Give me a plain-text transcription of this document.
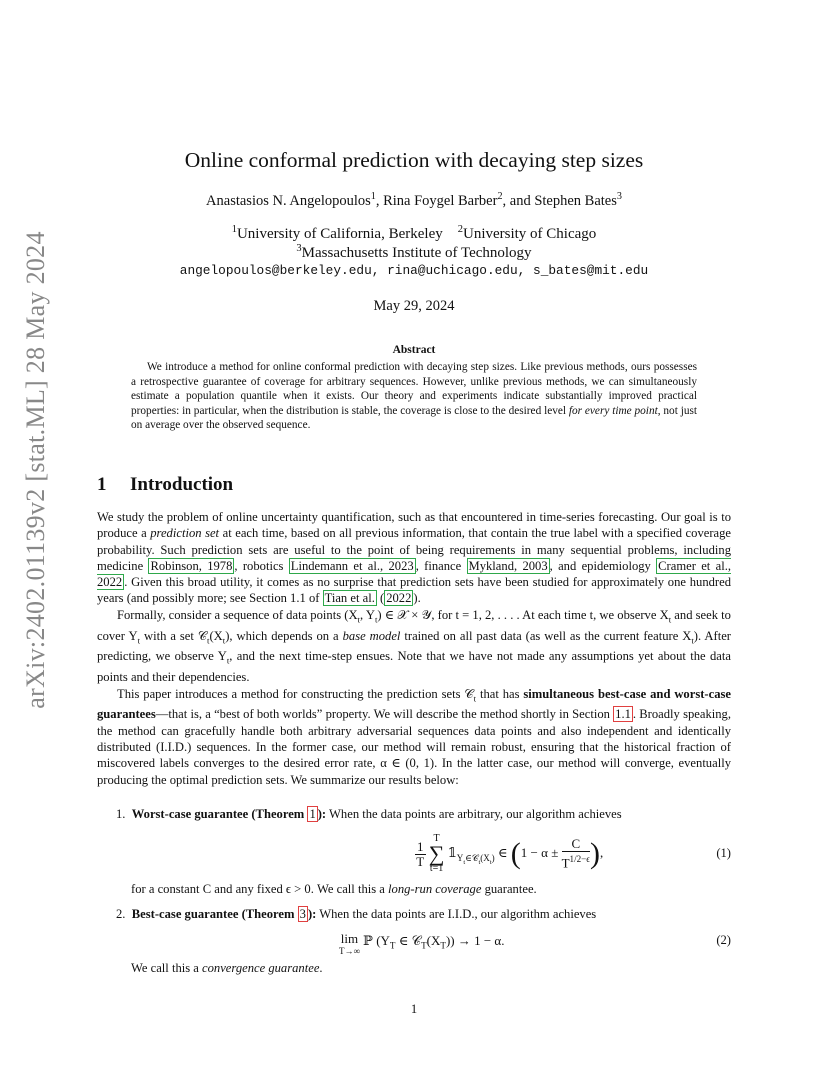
arXiv:2402.01139v2 [stat.ML] 28 May 2024
Online conformal prediction with decaying step sizes
Anastasios N. Angelopoulos$^1$, Rina Foygel Barber$^2$, and Stephen Bates$^3$
$^1$University of California, Berkeley $^2$University of Chicago
$^3$Massachusetts Institute of Technology
angelopoulos@berkeley.edu, rina@uchicago.edu, s_bates@mit.edu
May 29, 2024
Abstract
We introduce a method for online conformal prediction with decaying step sizes. Like previous methods, ours possesses a retrospective guarantee of coverage for arbitrary sequences. However, unlike previous methods, we can simultaneously estimate a population quantile when it exists. Our theory and experiments indicate substantially improved practical properties: in particular, when the distribution is stable, the coverage is close to the desired level for every time point, not just on average over the observed sequence.
1 Introduction

We study the problem of online uncertainty quantification, such as that encountered in time-series forecasting. Our goal is to produce a prediction set at each time, based on all previous information, that contain the true label with a specified coverage probability. Such prediction sets are useful to the point of being requirements in many sequential problems, including medicine Robinson, 1978 , robotics Lindemann et al., 2023 , finance Mykland, 2003 , and epidemiology Cramer et al., 2022 . Given this broad utility, it comes as no surprise that prediction sets have been studied for approximately one hundred years (and possibly more; see Section 1.1 of Tian et al. ( 2022 ).

Formally, consider a sequence of data points ($X_t$, $Y_t$) ∈ 𝒳 × 𝒴, for t = 1, 2, . . . . At each time t, we observe $X_t$ and seek to cover $Y_t$ with a set $𝒞_t(X_t)$, which depends on a base model trained on all past data (as well as the current feature $X_t$). After predicting, we observe $Y_t$, and the next time-step ensues. Note that we have not made any assumptions yet about the data points and their dependencies.

This paper introduces a method for constructing the prediction sets 𝒞$_t$ that has simultaneous best-case and worst-case guarantees—that is, a “best of both worlds” property. We will describe the method shortly in Section 1.1 . Broadly speaking, the method can gracefully handle both arbitrary adversarial sequences data points and also independent and identically distributed (I.I.D.) sequences. In the former case, our method will remain robust, ensuring that the historical fraction of miscovered labels converges to the desired error rate, α ∈ (0, 1). In the latter case, our method will converge, eventually producing the optimal prediction sets. We summarize our results below:

1. Worst-case guarantee (Theorem 1 ): When the data points are arbitrary, our algorithm achieves
$\frac{1}{T}$
T
∑
t=1 $𝟙_{Y_t\in 𝒞_t(X_t)}$ ∈ ($1 - \alpha \pm \frac{C}{T^{1/2-\epsilon}}$ ),	(1)
for a constant C and any fixed ϵ > 0. We call this a long-run coverage guarantee.
2. Best-case guarantee (Theorem 3 ): When the data points are I.I.D., our algorithm achieves
lim
T→∞
ℙ ($Y_T$ ∈ $𝒞_T(X_T)) \to 1 - \alpha$.	(2)
We call this a convergence guarantee.
1
